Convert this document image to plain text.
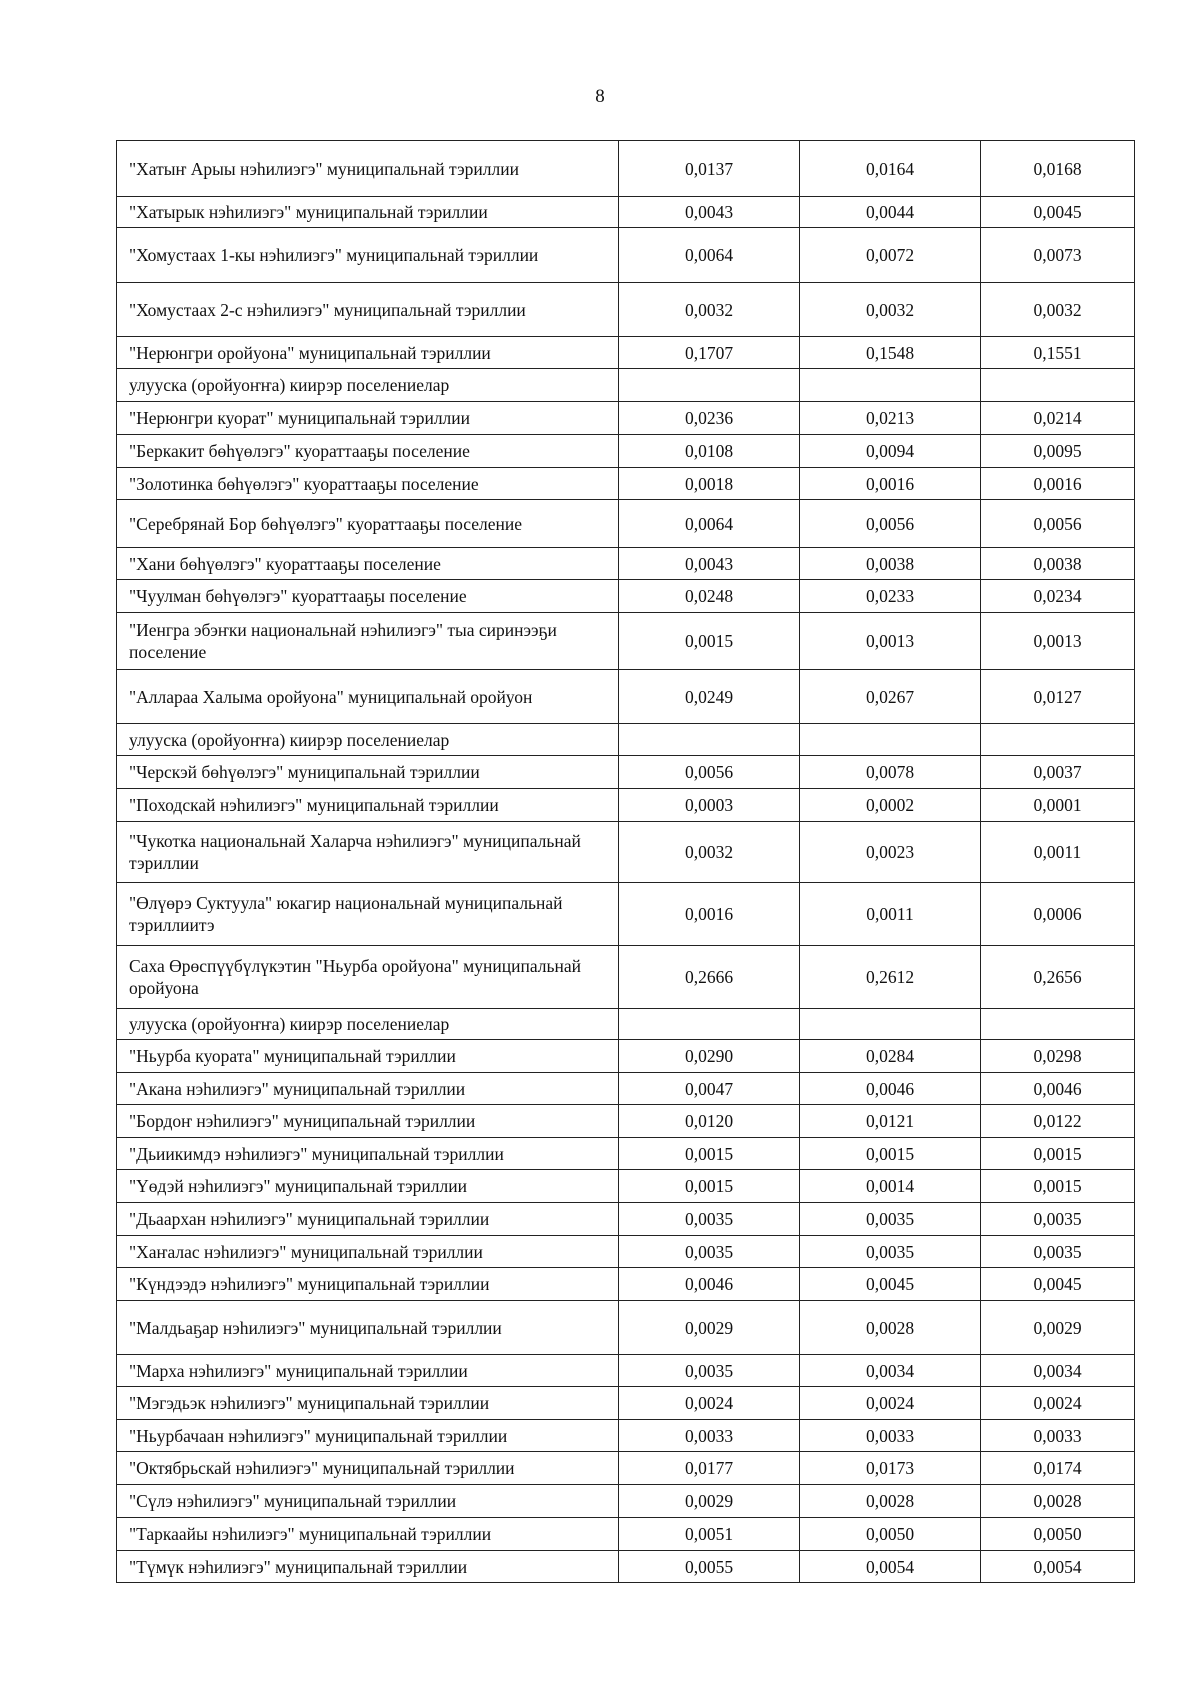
8
"Хатыҥ Арыы нэһилиэгэ" муниципальнай тэриллии	0,0137	0,0164	0,0168
"Хатырык нэһилиэгэ" муниципальнай тэриллии	0,0043	0,0044	0,0045
"Хомустаах 1-кы нэһилиэгэ" муниципальнай тэриллии	0,0064	0,0072	0,0073
"Хомустаах 2-с нэһилиэгэ" муниципальнай тэриллии	0,0032	0,0032	0,0032
"Нерюнгри оройуона" муниципальнай тэриллии	0,1707	0,1548	0,1551
улууска (оройуоҥҥа) киирэр поселениелар			
"Нерюнгри куорат" муниципальнай тэриллии	0,0236	0,0213	0,0214
"Беркакит бөһүөлэгэ" куораттааҕы поселение	0,0108	0,0094	0,0095
"Золотинка бөһүөлэгэ" куораттааҕы поселение	0,0018	0,0016	0,0016
"Серебрянай Бор бөһүөлэгэ" куораттааҕы поселение	0,0064	0,0056	0,0056
"Хани бөһүөлэгэ" куораттааҕы поселение	0,0043	0,0038	0,0038
"Чуулман бөһүөлэгэ" куораттааҕы поселение	0,0248	0,0233	0,0234
"Иенгра эбэҥки национальнай нэһилиэгэ" тыа сиринээҕи поселение	0,0015	0,0013	0,0013
"Аллараа Халыма оройуона" муниципальнай оройуон	0,0249	0,0267	0,0127
улууска (оройуоҥҥа) киирэр поселениелар			
"Черскэй бөһүөлэгэ" муниципальнай тэриллии	0,0056	0,0078	0,0037
"Походскай нэһилиэгэ" муниципальнай тэриллии	0,0003	0,0002	0,0001
"Чукотка национальнай Халарча нэһилиэгэ" муниципальнай тэриллии	0,0032	0,0023	0,0011
"Өлүөрэ Суктуула" юкагир национальнай муниципальнай тэриллиитэ	0,0016	0,0011	0,0006
Саха Өрөспүүбүлүкэтин "Ньурба оройуона" муниципальнай оройуона	0,2666	0,2612	0,2656
улууска (оройуоҥҥа) киирэр поселениелар			
"Ньурба куората" муниципальнай тэриллии	0,0290	0,0284	0,0298
"Акана нэһилиэгэ" муниципальнай тэриллии	0,0047	0,0046	0,0046
"Бордоҥ нэһилиэгэ" муниципальнай тэриллии	0,0120	0,0121	0,0122
"Дьиикимдэ нэһилиэгэ" муниципальнай тэриллии	0,0015	0,0015	0,0015
"Үөдэй нэһилиэгэ" муниципальнай тэриллии	0,0015	0,0014	0,0015
"Дьаархан нэһилиэгэ" муниципальнай тэриллии	0,0035	0,0035	0,0035
"Хаҥалас нэһилиэгэ" муниципальнай тэриллии	0,0035	0,0035	0,0035
"Күндээдэ нэһилиэгэ" муниципальнай тэриллии	0,0046	0,0045	0,0045
"Малдьаҕар нэһилиэгэ" муниципальнай тэриллии	0,0029	0,0028	0,0029
"Марха нэһилиэгэ" муниципальнай тэриллии	0,0035	0,0034	0,0034
"Мэгэдьэк нэһилиэгэ" муниципальнай тэриллии	0,0024	0,0024	0,0024
"Ньурбачаан нэһилиэгэ" муниципальнай тэриллии	0,0033	0,0033	0,0033
"Октябрьскай нэһилиэгэ" муниципальнай тэриллии	0,0177	0,0173	0,0174
"Сүлэ нэһилиэгэ" муниципальнай тэриллии	0,0029	0,0028	0,0028
"Таркаайы нэһилиэгэ" муниципальнай тэриллии	0,0051	0,0050	0,0050
"Түмүк нэһилиэгэ" муниципальнай тэриллии	0,0055	0,0054	0,0054
